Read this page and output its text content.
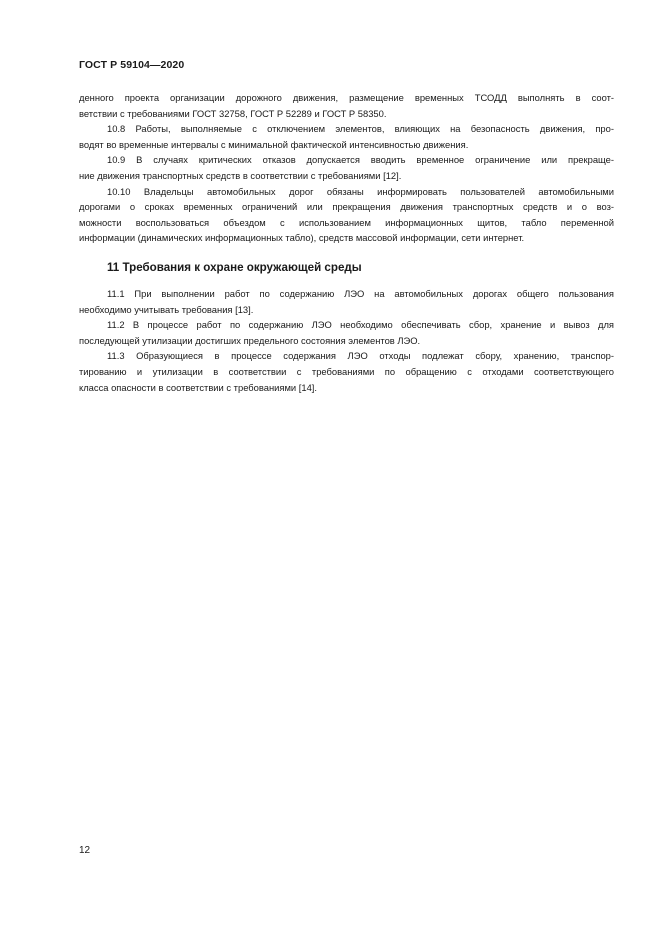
ГОСТ Р 59104—2020
денного проекта организации дорожного движения, размещение временных ТСОДД выполнять в соот-
ветствии с требованиями ГОСТ 32758, ГОСТ Р 52289 и ГОСТ Р 58350.
10.8 Работы, выполняемые с отключением элементов, влияющих на безопасность движения, про-
водят во временные интервалы с минимальной фактической интенсивностью движения.
10.9 В случаях критических отказов допускается вводить временное ограничение или прекраще-
ние движения транспортных средств в соответствии с требованиями [12].
10.10 Владельцы автомобильных дорог обязаны информировать пользователей автомобильными
дорогами о сроках временных ограничений или прекращения движения транспортных средств и о воз-
можности воспользоваться объездом с использованием информационных щитов, табло переменной
информации (динамических информационных табло), средств массовой информации, сети интернет.
11 Требования к охране окружающей среды
11.1 При выполнении работ по содержанию ЛЭО на автомобильных дорогах общего пользования
необходимо учитывать требования [13].
11.2 В процессе работ по содержанию ЛЭО необходимо обеспечивать сбор, хранение и вывоз для
последующей утилизации достигших предельного состояния элементов ЛЭО.
11.3 Образующиеся в процессе содержания ЛЭО отходы подлежат сбору, хранению, транспор-
тированию и утилизации в соответствии с требованиями по обращению с отходами соответствующего
класса опасности в соответствии с требованиями [14].
12
